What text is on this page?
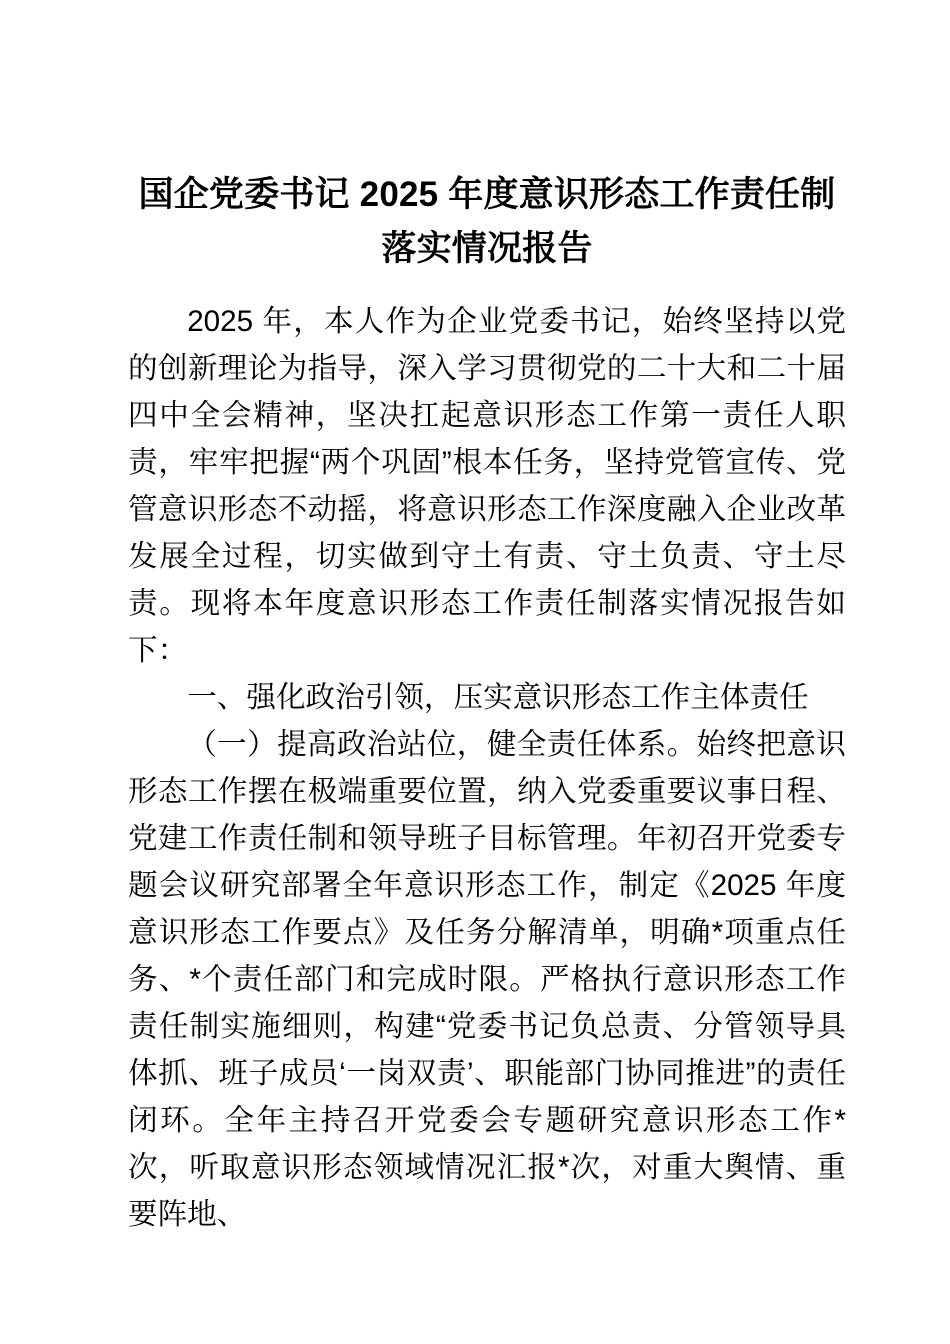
国企党委书记 2025 年度意识形态工作责任制 落实情况报告

2025 年，本人作为企业党委书记，始终坚持以党的创新理论为指导，深入学习贯彻党的二十大和二十届四中全会精神，坚决扛起意识形态工作第一责任人职责，牢牢把握“两个巩固”根本任务，坚持党管宣传、党管意识形态不动摇，将意识形态工作深度融入企业改革发展全过程，切实做到守土有责、守土负责、守土尽责。现将本年度意识形态工作责任制落实情况报告如下：

一、强化政治引领，压实意识形态工作主体责任

（一）提高政治站位，健全责任体系。始终把意识形态工作摆在极端重要位置，纳入党委重要议事日程、党建工作责任制和领导班子目标管理。年初召开党委专题会议研究部署全年意识形态工作，制定《2025 年度意识形态工作要点》及任务分解清单，明确*项重点任务、*个责任部门和完成时限。严格执行意识形态工作责任制实施细则，构建“党委书记负总责、分管领导具体抓、班子成员‘一岗双责’、职能部门协同推进”的责任闭环。全年主持召开党委会专题研究意识形态工作*次，听取意识形态领域情况汇报*次，对重大舆情、重要阵地、
